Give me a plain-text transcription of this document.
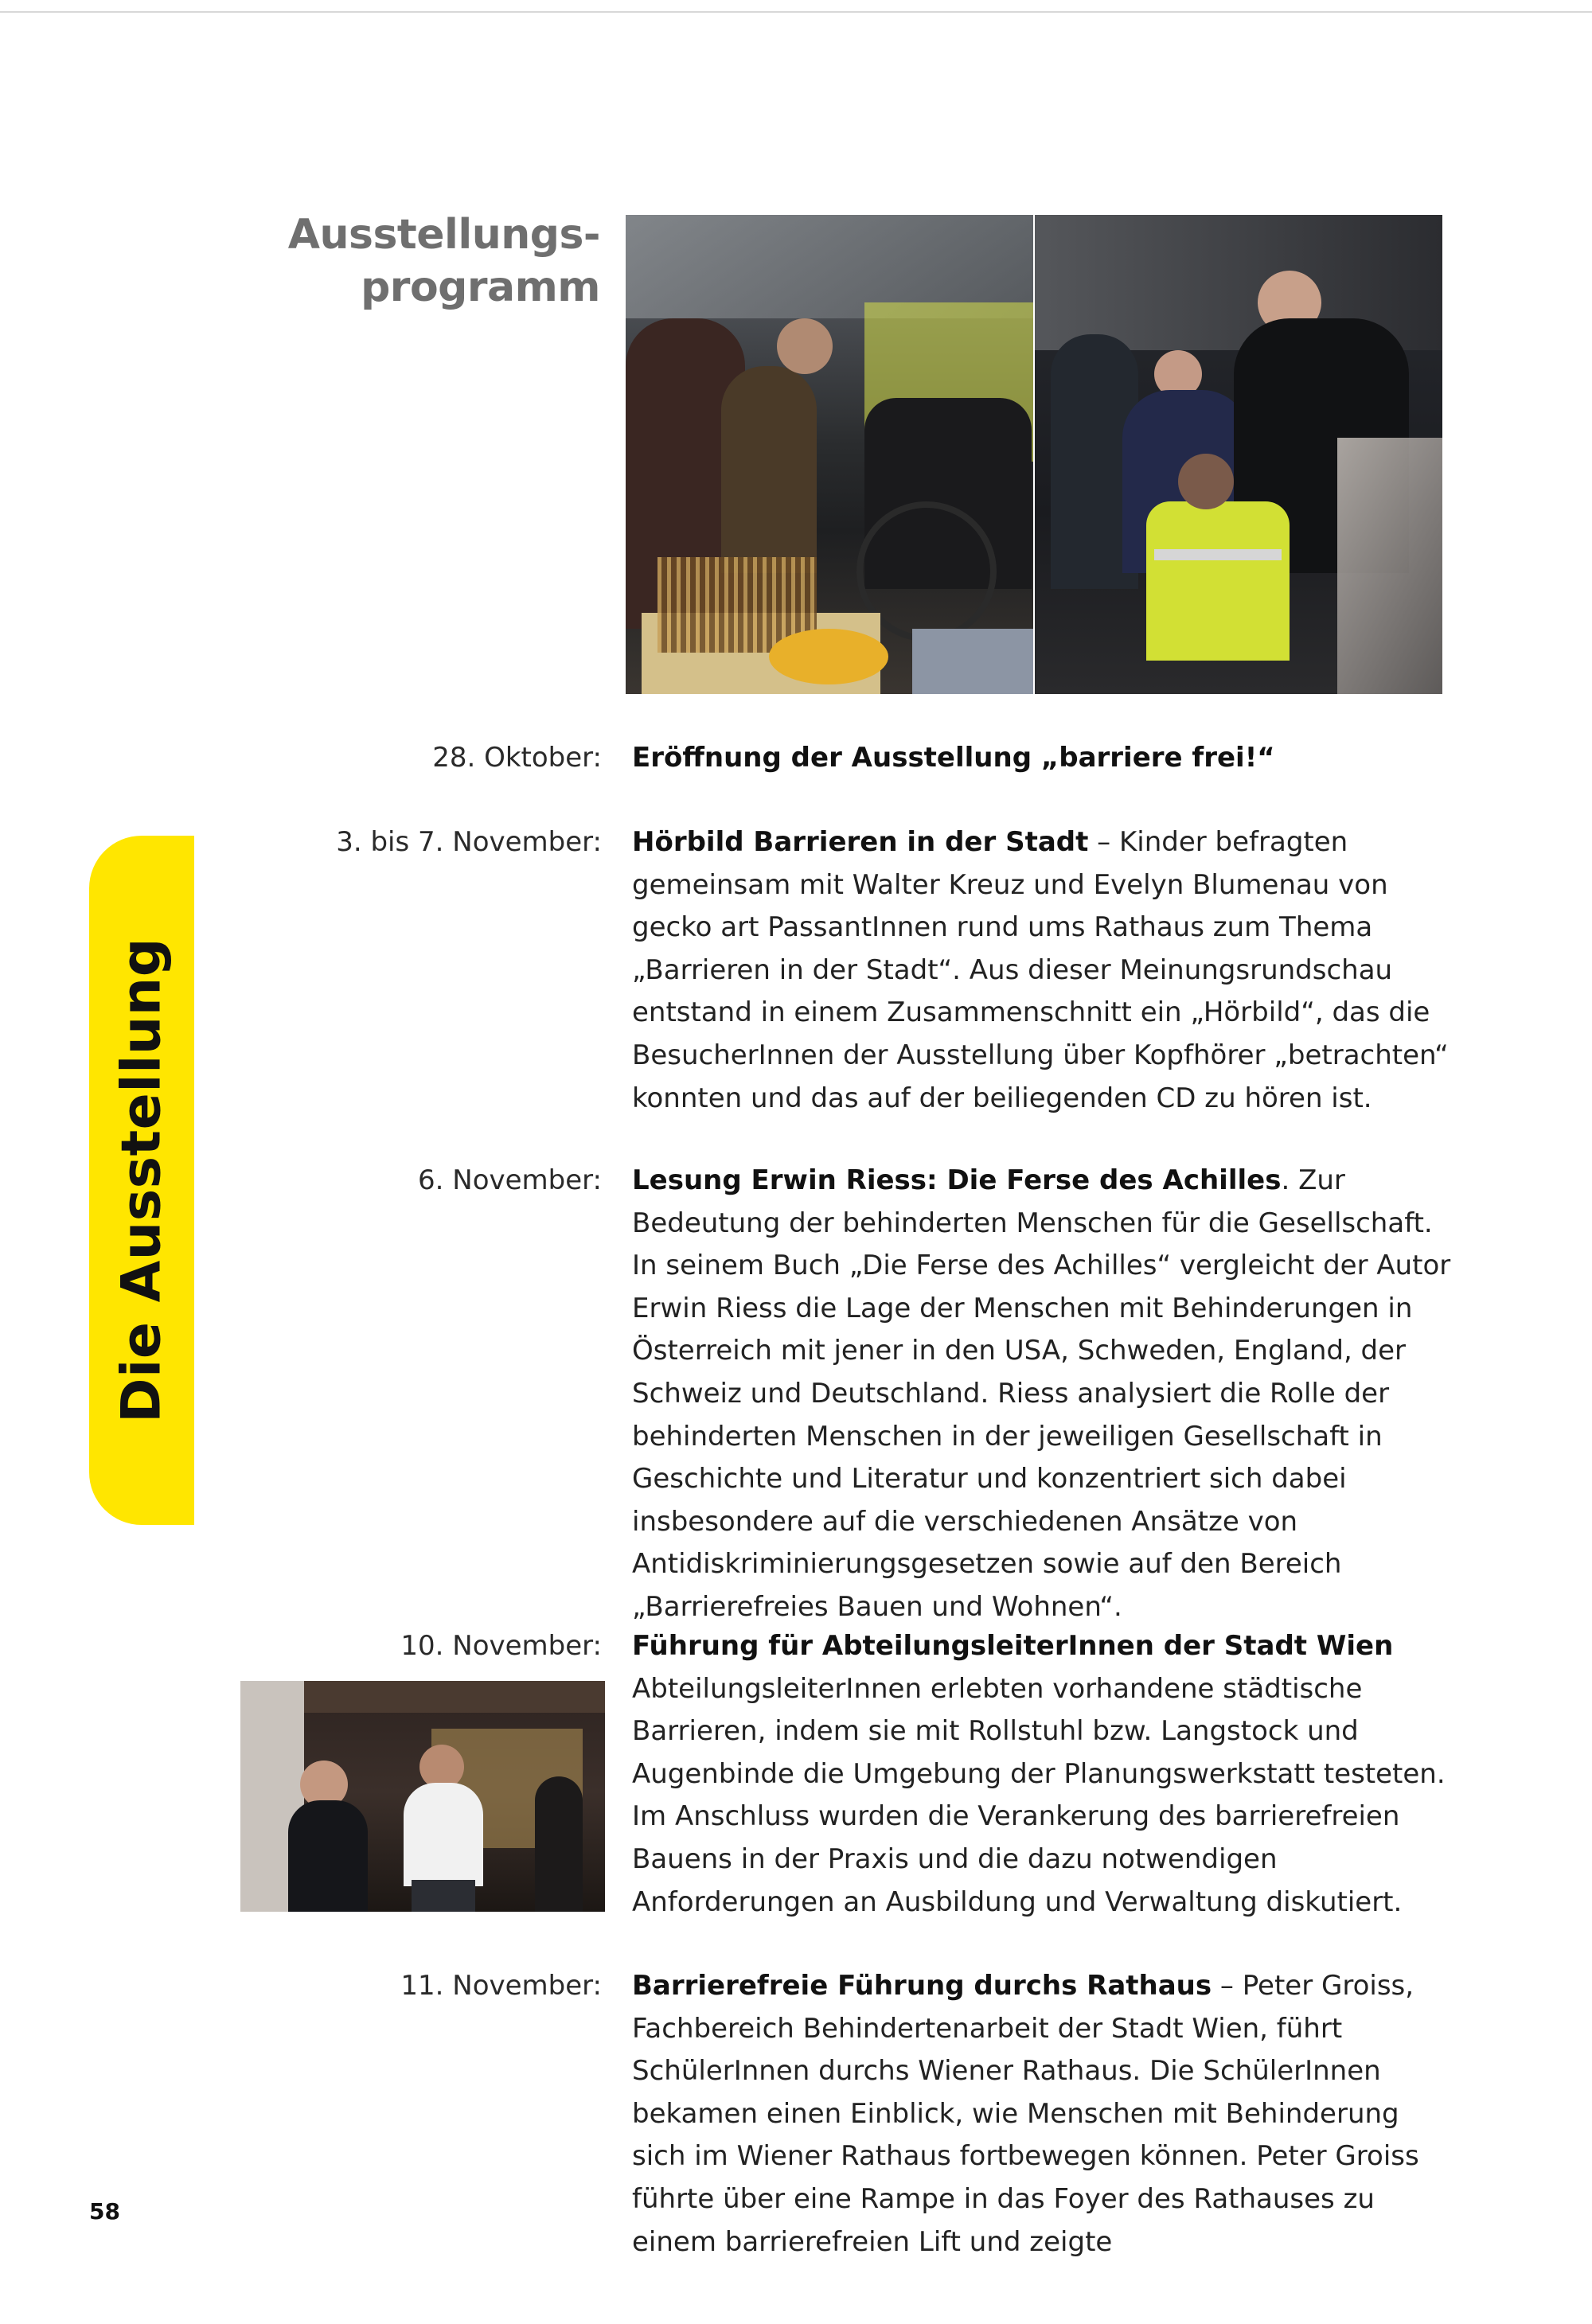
Ausstellungs-
programm
Die Ausstellung
28. Oktober: Eröffnung der Ausstellung „barriere frei!“

3. bis 7. November: Hörbild Barrieren in der Stadt – Kinder befragten gemeinsam mit Walter Kreuz und Evelyn Blumenau von gecko art PassantInnen rund ums Rathaus zum Thema „Barrieren in der Stadt“. Aus dieser Meinungsrundschau entstand in einem Zusammenschnitt ein „Hörbild“, das die BesucherInnen der Ausstellung über Kopfhörer „betrachten“ konnten und das auf der beiliegenden CD zu hören ist.

6. November: Lesung Erwin Riess: Die Ferse des Achilles. Zur Bedeutung der behinderten Menschen für die Gesellschaft. In seinem Buch „Die Ferse des Achilles“ vergleicht der Autor Erwin Riess die Lage der Menschen mit Behinderungen in Österreich mit jener in den USA, Schweden, England, der Schweiz und Deutschland. Riess analysiert die Rolle der behinderten Menschen in der jeweiligen Gesellschaft in Geschichte und Literatur und konzentriert sich dabei insbesondere auf die verschiedenen Ansätze von Antidiskriminierungsgesetzen sowie auf den Bereich „Barrierefreies Bauen und Wohnen“.

10. November: Führung für AbteilungsleiterInnen der Stadt Wien AbteilungsleiterInnen erlebten vorhandene städtische Barrieren, indem sie mit Rollstuhl bzw. Langstock und Augenbinde die Umgebung der Planungswerkstatt testeten. Im Anschluss wurden die Verankerung des barrierefreien Bauens in der Praxis und die dazu notwendigen Anforderungen an Ausbildung und Verwaltung diskutiert.

11. November: Barrierefreie Führung durchs Rathaus – Peter Groiss, Fachbereich Behindertenarbeit der Stadt Wien, führt SchülerInnen durchs Wiener Rathaus. Die SchülerInnen bekamen einen Einblick, wie Menschen mit Behinderung sich im Wiener Rathaus fortbewegen können. Peter Groiss führte über eine Rampe in das Foyer des Rathauses zu einem barrierefreien Lift und zeigte

58
